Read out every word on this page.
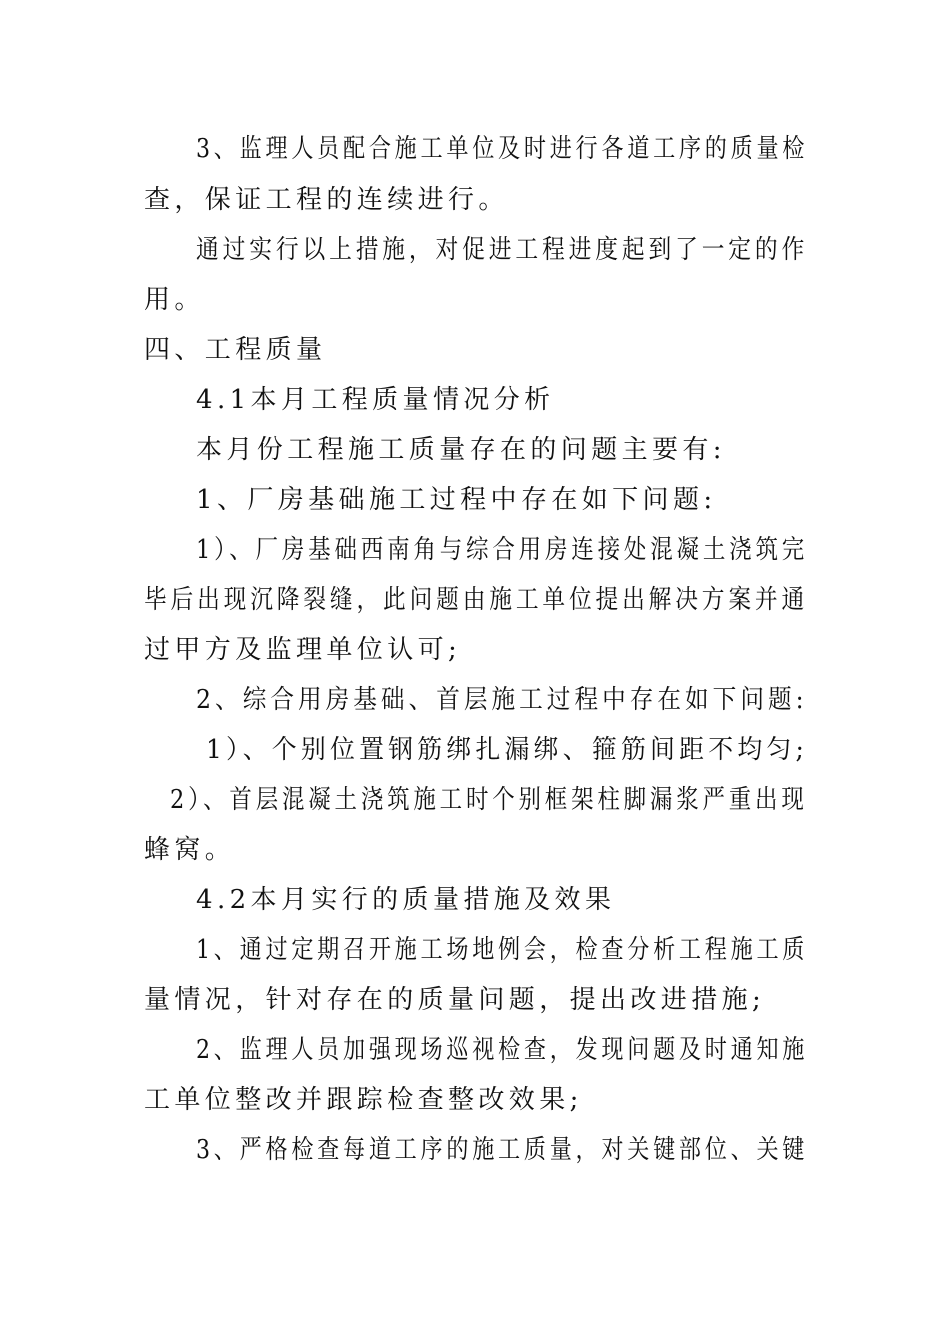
3、监理人员配合施工单位及时进行各道工序的质量检
查，保证工程的连续进行。
通过实行以上措施，对促进工程进度起到了一定的作
用。
四、工程质量
4.1本月工程质量情况分析
本月份工程施工质量存在的问题主要有:
1、厂房基础施工过程中存在如下问题:
1）、厂房基础西南角与综合用房连接处混凝土浇筑完
毕后出现沉降裂缝，此问题由施工单位提出解决方案并通
过甲方及监理单位认可;
2、综合用房基础、首层施工过程中存在如下问题:
1）、个别位置钢筋绑扎漏绑、箍筋间距不均匀;
2）、首层混凝土浇筑施工时个别框架柱脚漏浆严重出现
蜂窝。
4.2本月实行的质量措施及效果
1、通过定期召开施工场地例会，检查分析工程施工质
量情况，针对存在的质量问题，提出改进措施;
2、监理人员加强现场巡视检查，发现问题及时通知施
工单位整改并跟踪检查整改效果;
3、严格检查每道工序的施工质量，对关键部位、关键
